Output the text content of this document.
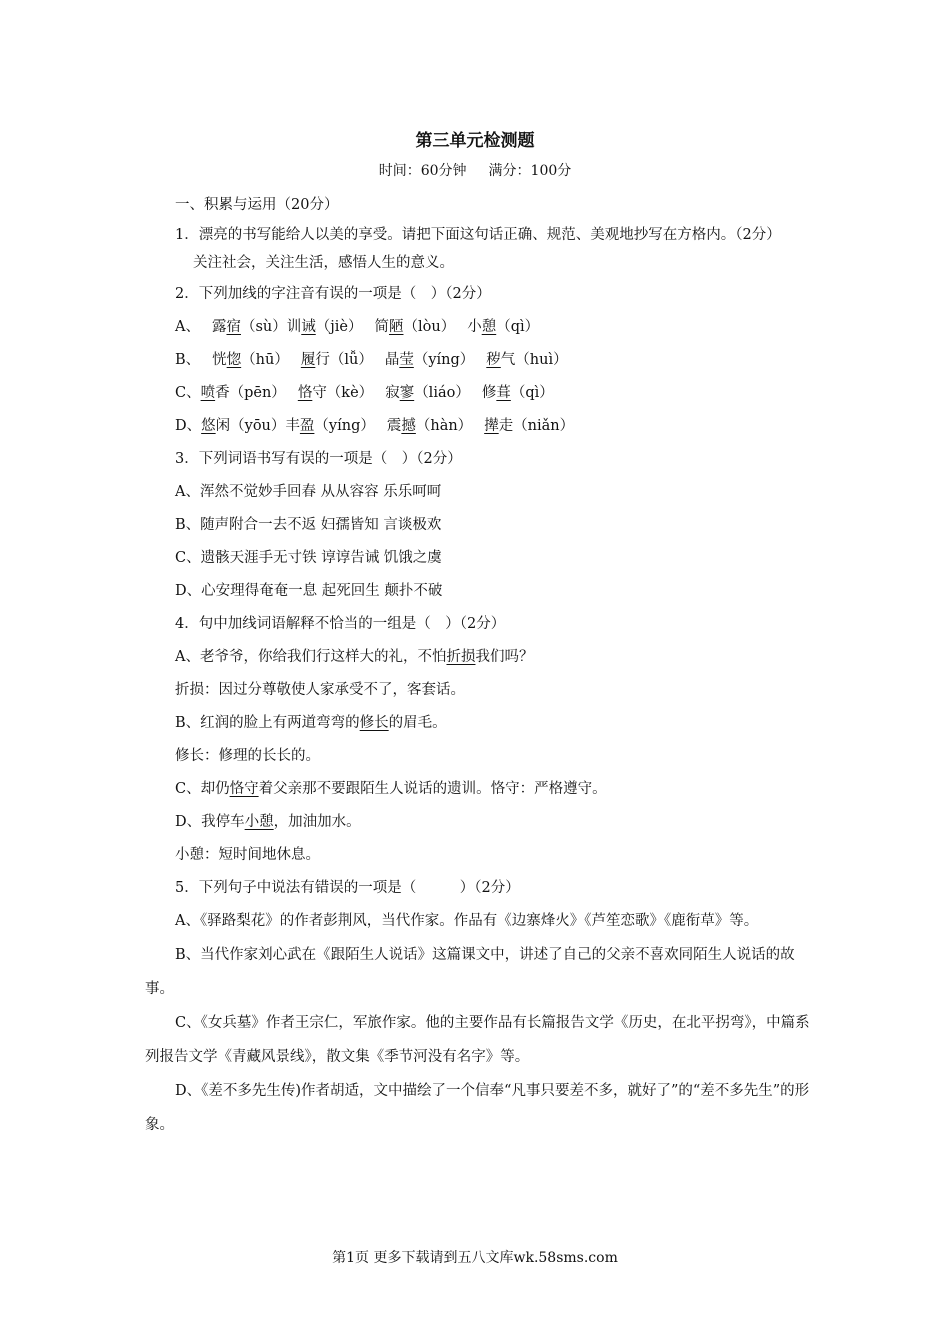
第三单元检测题
时间：60分钟 满分：100分
一、积累与运用（20分）
1．漂亮的书写能给人以美的享受。请把下面这句话正确、规范、美观地抄写在方格内。（2分）
关注社会，关注生活，感悟人生的意义。
2．下列加线的字注音有误的一项是（　）（2分）
A、 露宿（sù）训诫（jiè） 简陋（lòu） 小憩（qì）
B、 恍惚（hū） 履行（lǚ） 晶莹（yíng） 秽气（huì）
C、喷香（pēn） 恪守（kè） 寂寥（liáo） 修葺（qì）
D、悠闲（yōu）丰盈（yíng） 震撼（hàn） 撵走（niǎn）
3．下列词语书写有误的一项是（　）（2分）
A、浑然不觉妙手回春 从从容容 乐乐呵呵
B、随声附合一去不返 妇孺皆知 言谈极欢
C、遗骸天涯手无寸铁 谆谆告诫 饥饿之虞
D、心安理得奄奄一息 起死回生 颠扑不破
4．句中加线词语解释不恰当的一组是（　）（2分）
A、老爷爷，你给我们行这样大的礼，不怕折损我们吗？
折损：因过分尊敬使人家承受不了，客套话。
B、红润的脸上有两道弯弯的修长的眉毛。
修长：修理的长长的。
C、却仍恪守着父亲那不要跟陌生人说话的遗训。恪守：严格遵守。
D、我停车小憩，加油加水。
小憩：短时间地休息。
5．下列句子中说法有错误的一项是（　　　）（2分）
A、《驿路梨花》的作者彭荆风，当代作家。作品有《边寨烽火》《芦笙恋歌》《鹿衔草》等。
B、当代作家刘心武在《跟陌生人说话》这篇课文中，讲述了自己的父亲不喜欢同陌生人说话的故事。
C、《女兵墓》作者王宗仁，军旅作家。他的主要作品有长篇报告文学《历史，在北平拐弯》，中篇系列报告文学《青藏风景线》，散文集《季节河没有名字》等。
D、《差不多先生传)作者胡适，文中描绘了一个信奉“凡事只要差不多，就好了”的“差不多先生”的形象。
第1页 更多下载请到五八文库wk.58sms.com
